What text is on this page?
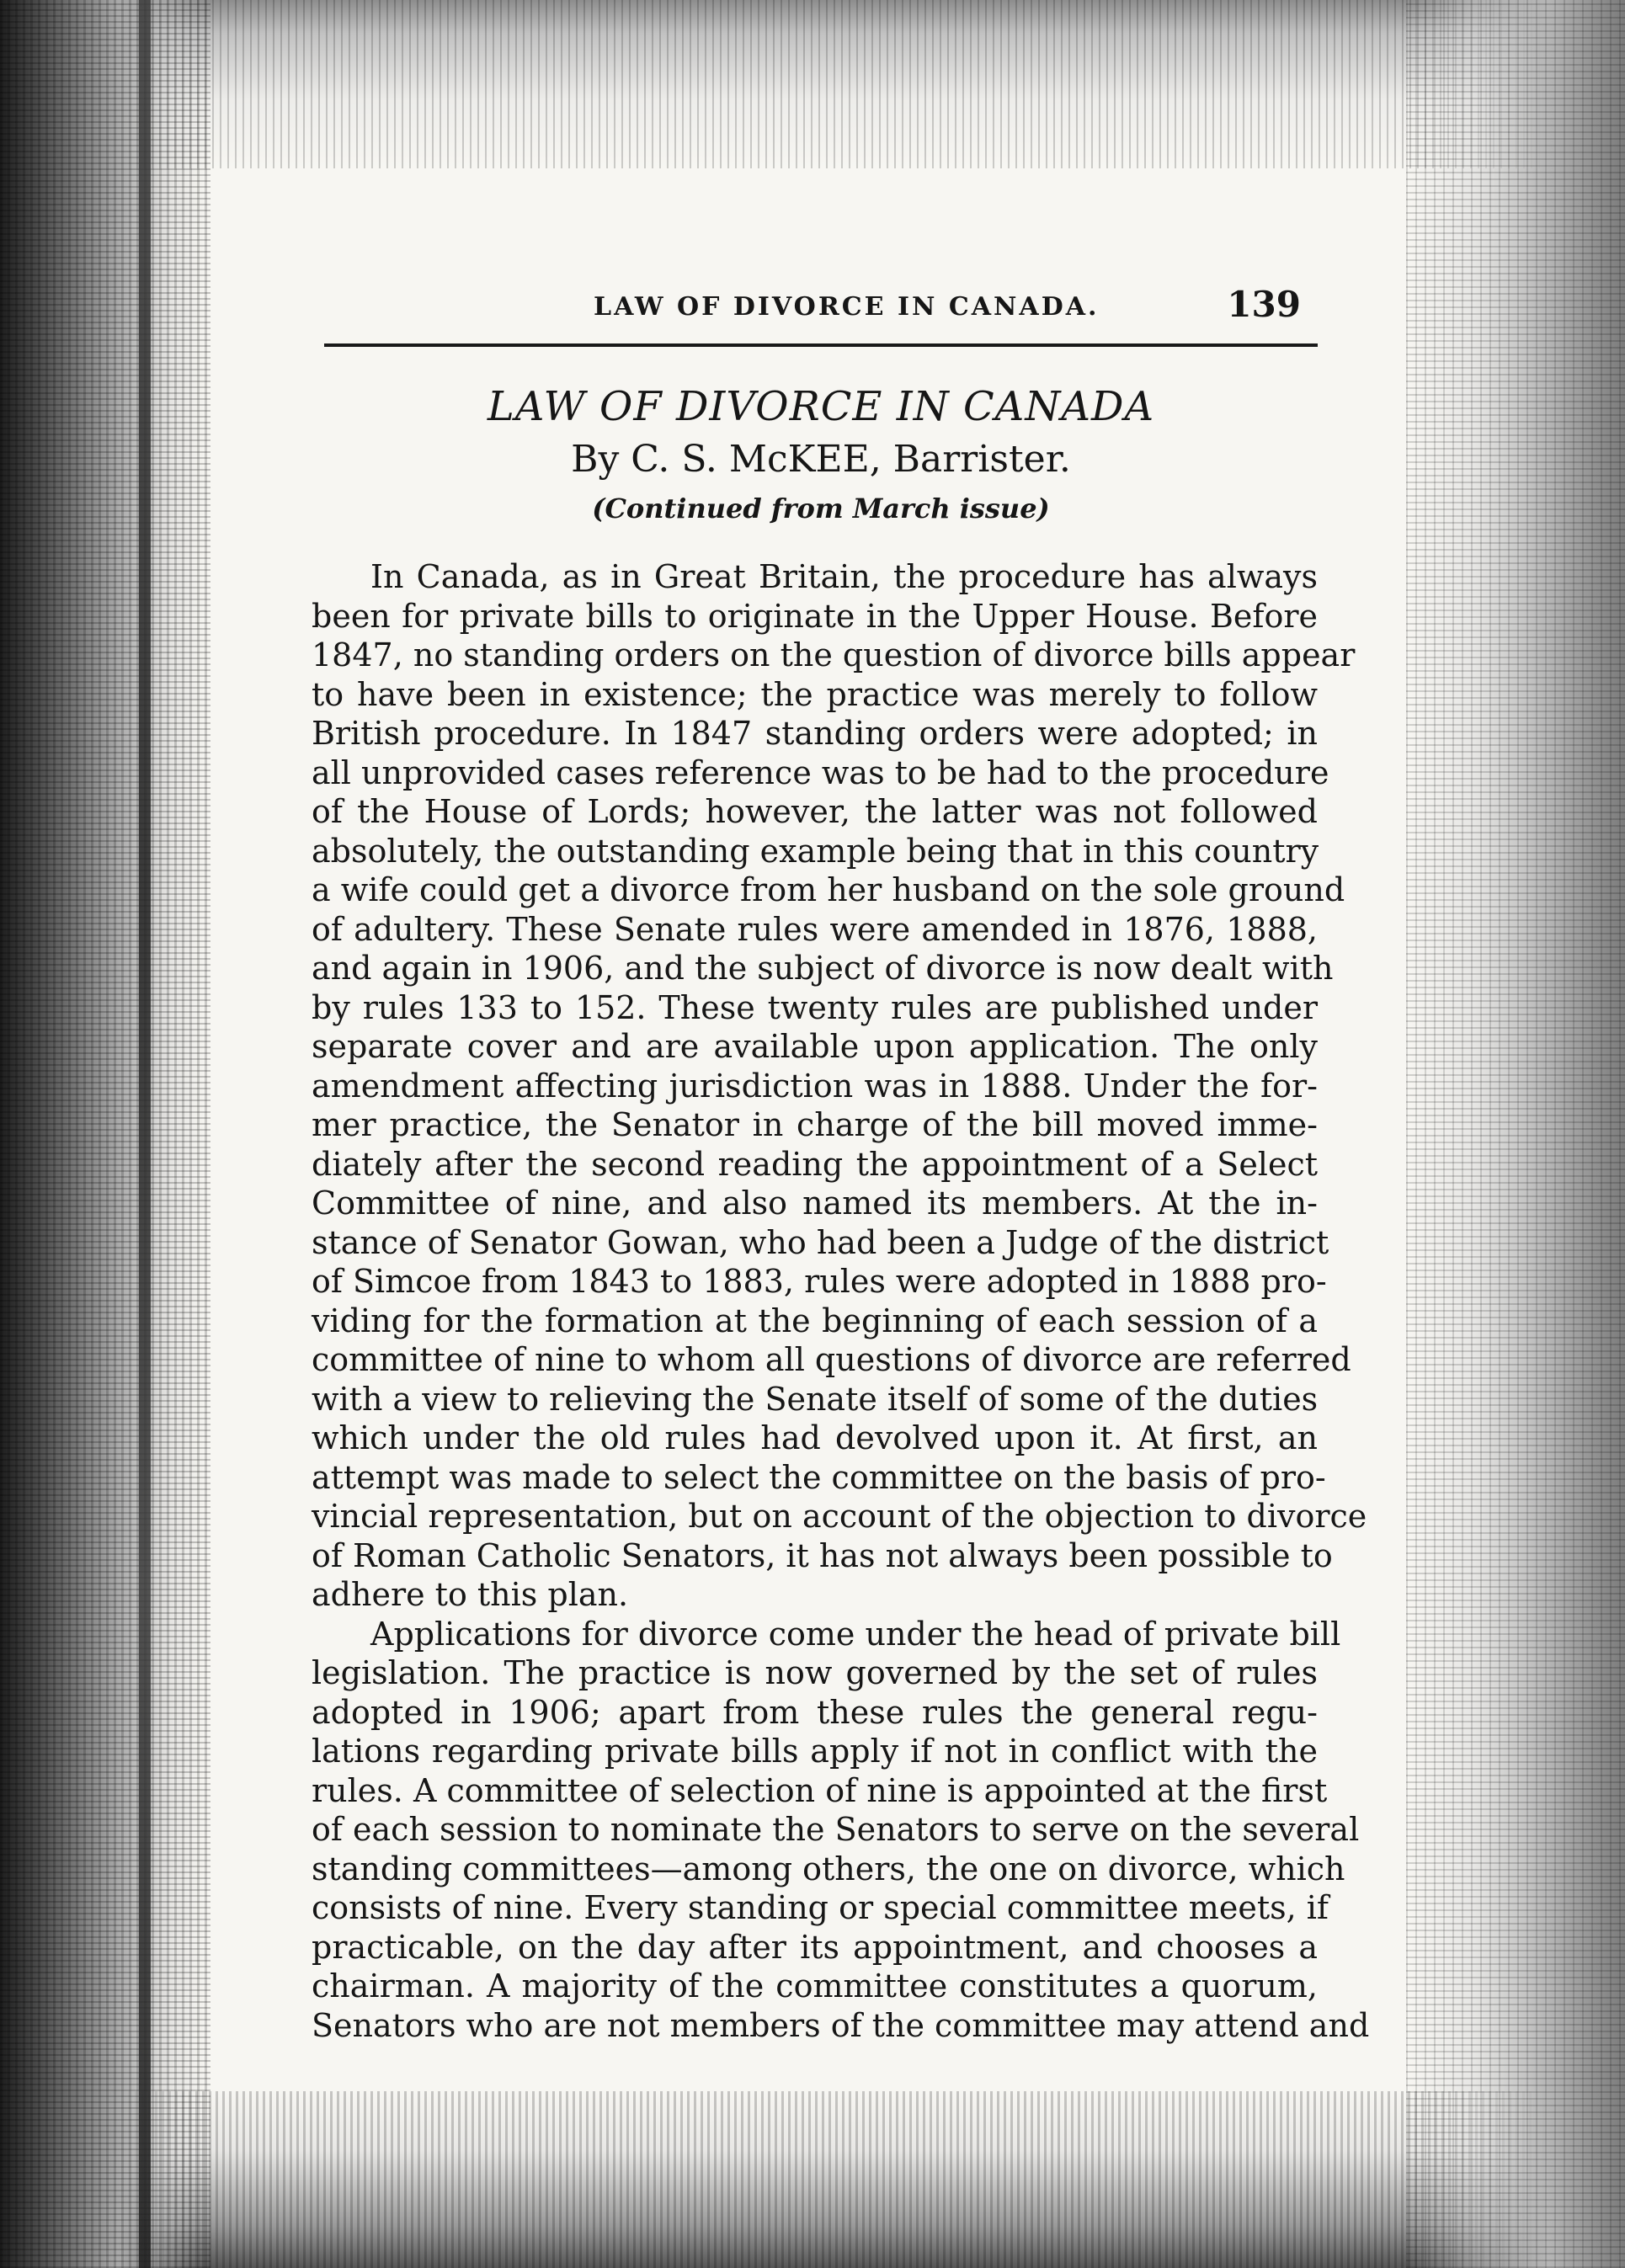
LAW OF DIVORCE IN CANADA.	139
LAW OF DIVORCE IN CANADA
By C. S. McKEE, Barrister.
(Continued from March issue)
In Canada, as in Great Britain, the procedure has always
been for private bills to originate in the Upper House. Before
1847, no standing orders on the question of divorce bills appear
to have been in existence; the practice was merely to follow
British procedure. In 1847 standing orders were adopted; in
all unprovided cases reference was to be had to the procedure
of the House of Lords; however, the latter was not followed
absolutely, the outstanding example being that in this country
a wife could get a divorce from her husband on the sole ground
of adultery. These Senate rules were amended in 1876, 1888,
and again in 1906, and the subject of divorce is now dealt with
by rules 133 to 152. These twenty rules are published under
separate cover and are available upon application. The only
amendment affecting jurisdiction was in 1888. Under the for-
mer practice, the Senator in charge of the bill moved imme-
diately after the second reading the appointment of a Select
Committee of nine, and also named its members. At the in-
stance of Senator Gowan, who had been a Judge of the district
of Simcoe from 1843 to 1883, rules were adopted in 1888 pro-
viding for the formation at the beginning of each session of a
committee of nine to whom all questions of divorce are referred
with a view to relieving the Senate itself of some of the duties
which under the old rules had devolved upon it. At first, an
attempt was made to select the committee on the basis of pro-
vincial representation, but on account of the objection to divorce
of Roman Catholic Senators, it has not always been possible to
adhere to this plan.
Applications for divorce come under the head of private bill
legislation. The practice is now governed by the set of rules
adopted in 1906; apart from these rules the general regu-
lations regarding private bills apply if not in conflict with the
rules. A committee of selection of nine is appointed at the first
of each session to nominate the Senators to serve on the several
standing committees—among others, the one on divorce, which
consists of nine. Every standing or special committee meets, if
practicable, on the day after its appointment, and chooses a
chairman. A majority of the committee constitutes a quorum,
Senators who are not members of the committee may attend and
